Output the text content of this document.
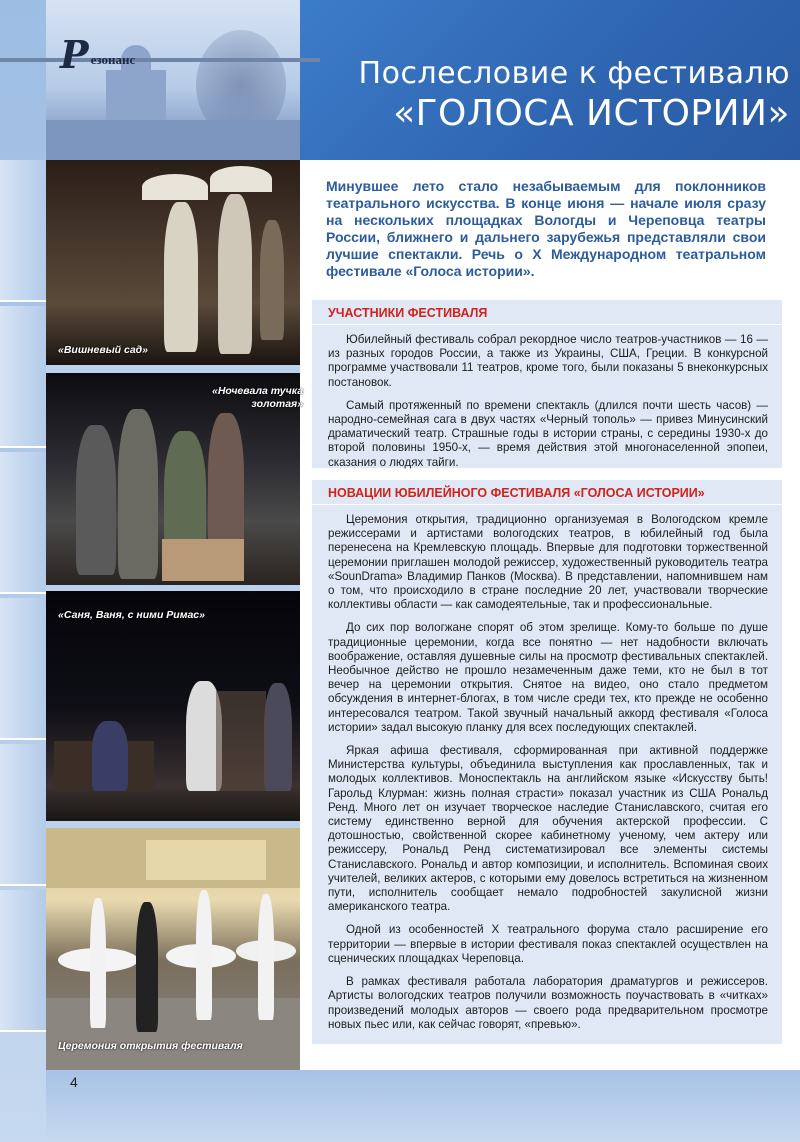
Р езонанс	Послесловие к фестивалю
«ГОЛОСА ИСТОРИИ»
Минувшее лето стало незабываемым для поклонников театрального искусства. В конце июня — начале июля сразу на нескольких площадках Вологды и Череповца театры России, ближнего и дальнего зарубежья представляли свои лучшие спектакли. Речь о X Международном театральном фестивале «Голоса истории».
УЧАСТНИКИ ФЕСТИВАЛЯ

Юбилейный фестиваль собрал рекордное число театров-участников — 16 — из разных городов России, а также из Украины, США, Греции. В конкурсной программе участвовали 11 театров, кроме того, были показаны 5 внеконкурсных постановок.

Самый протяженный по времени спектакль (длился почти шесть часов) — народно-семейная сага в двух частях «Черный тополь» — привез Минусинский драматический театр. Страшные годы в истории страны, с середины 1930-х до второй половины 1950-х, — время действия этой многонаселенной эпопеи, сказания о людях тайги.

НОВАЦИИ ЮБИЛЕЙНОГО ФЕСТИВАЛЯ «ГОЛОСА ИСТОРИИ»

Церемония открытия, традиционно организуемая в Вологодском кремле режиссерами и артистами вологодских театров, в юбилейный год была перенесена на Кремлевскую площадь. Впервые для подготовки торжественной церемонии приглашен молодой режиссер, художественный руководитель театра «SounDrama» Владимир Панков (Москва). В представлении, напомнившем нам о том, что происходило в стране последние 20 лет, участвовали творческие коллективы области — как самодеятельные, так и профессиональные.

До сих пор вологжане спорят об этом зрелище. Кому-то больше по душе традиционные церемонии, когда все понятно — нет надобности включать воображение, оставляя душевные силы на просмотр фестивальных спектаклей. Необычное действо не прошло незамеченным даже теми, кто не был в тот вечер на церемонии открытия. Снятое на видео, оно стало предметом обсуждения в интернет-блогах, в том числе среди тех, кто прежде не особенно интересовался театром. Такой звучный начальный аккорд фестиваля «Голоса истории» задал высокую планку для всех последующих спектаклей.

Яркая афиша фестиваля, сформированная при активной поддержке Министерства культуры, объединила выступления как прославленных, так и молодых коллективов. Моноспектакль на английском языке «Искусству быть! Гарольд Клурман: жизнь полная страсти» показал участник из США Рональд Ренд. Много лет он изучает творческое наследие Станиславского, считая его систему единственно верной для обучения актерской профессии. С дотошностью, свойственной скорее кабинетному ученому, чем актеру или режиссеру, Рональд Ренд систематизировал все элементы системы Станиславского. Рональд и автор композиции, и исполнитель. Вспоминая своих учителей, великих актеров, с которыми ему довелось встретиться на жизненном пути, исполнитель сообщает немало подробностей закулисной жизни американского театра.

Одной из особенностей X театрального форума стало расширение его территории — впервые в истории фестиваля показ спектаклей осуществлен на сценических площадках Череповца.

В рамках фестиваля работала лаборатория драматургов и режиссеров. Артисты вологодских театров получили возможность поучаствовать в «читках» произведений молодых авторов — своего рода предварительном просмотре новых пьес или, как сейчас говорят, «превью».

«Вишневый сад»
«Ночевала тучка
золотая»
«Саня, Ваня, с ними Римас»
Церемония открытия фестиваля
4
